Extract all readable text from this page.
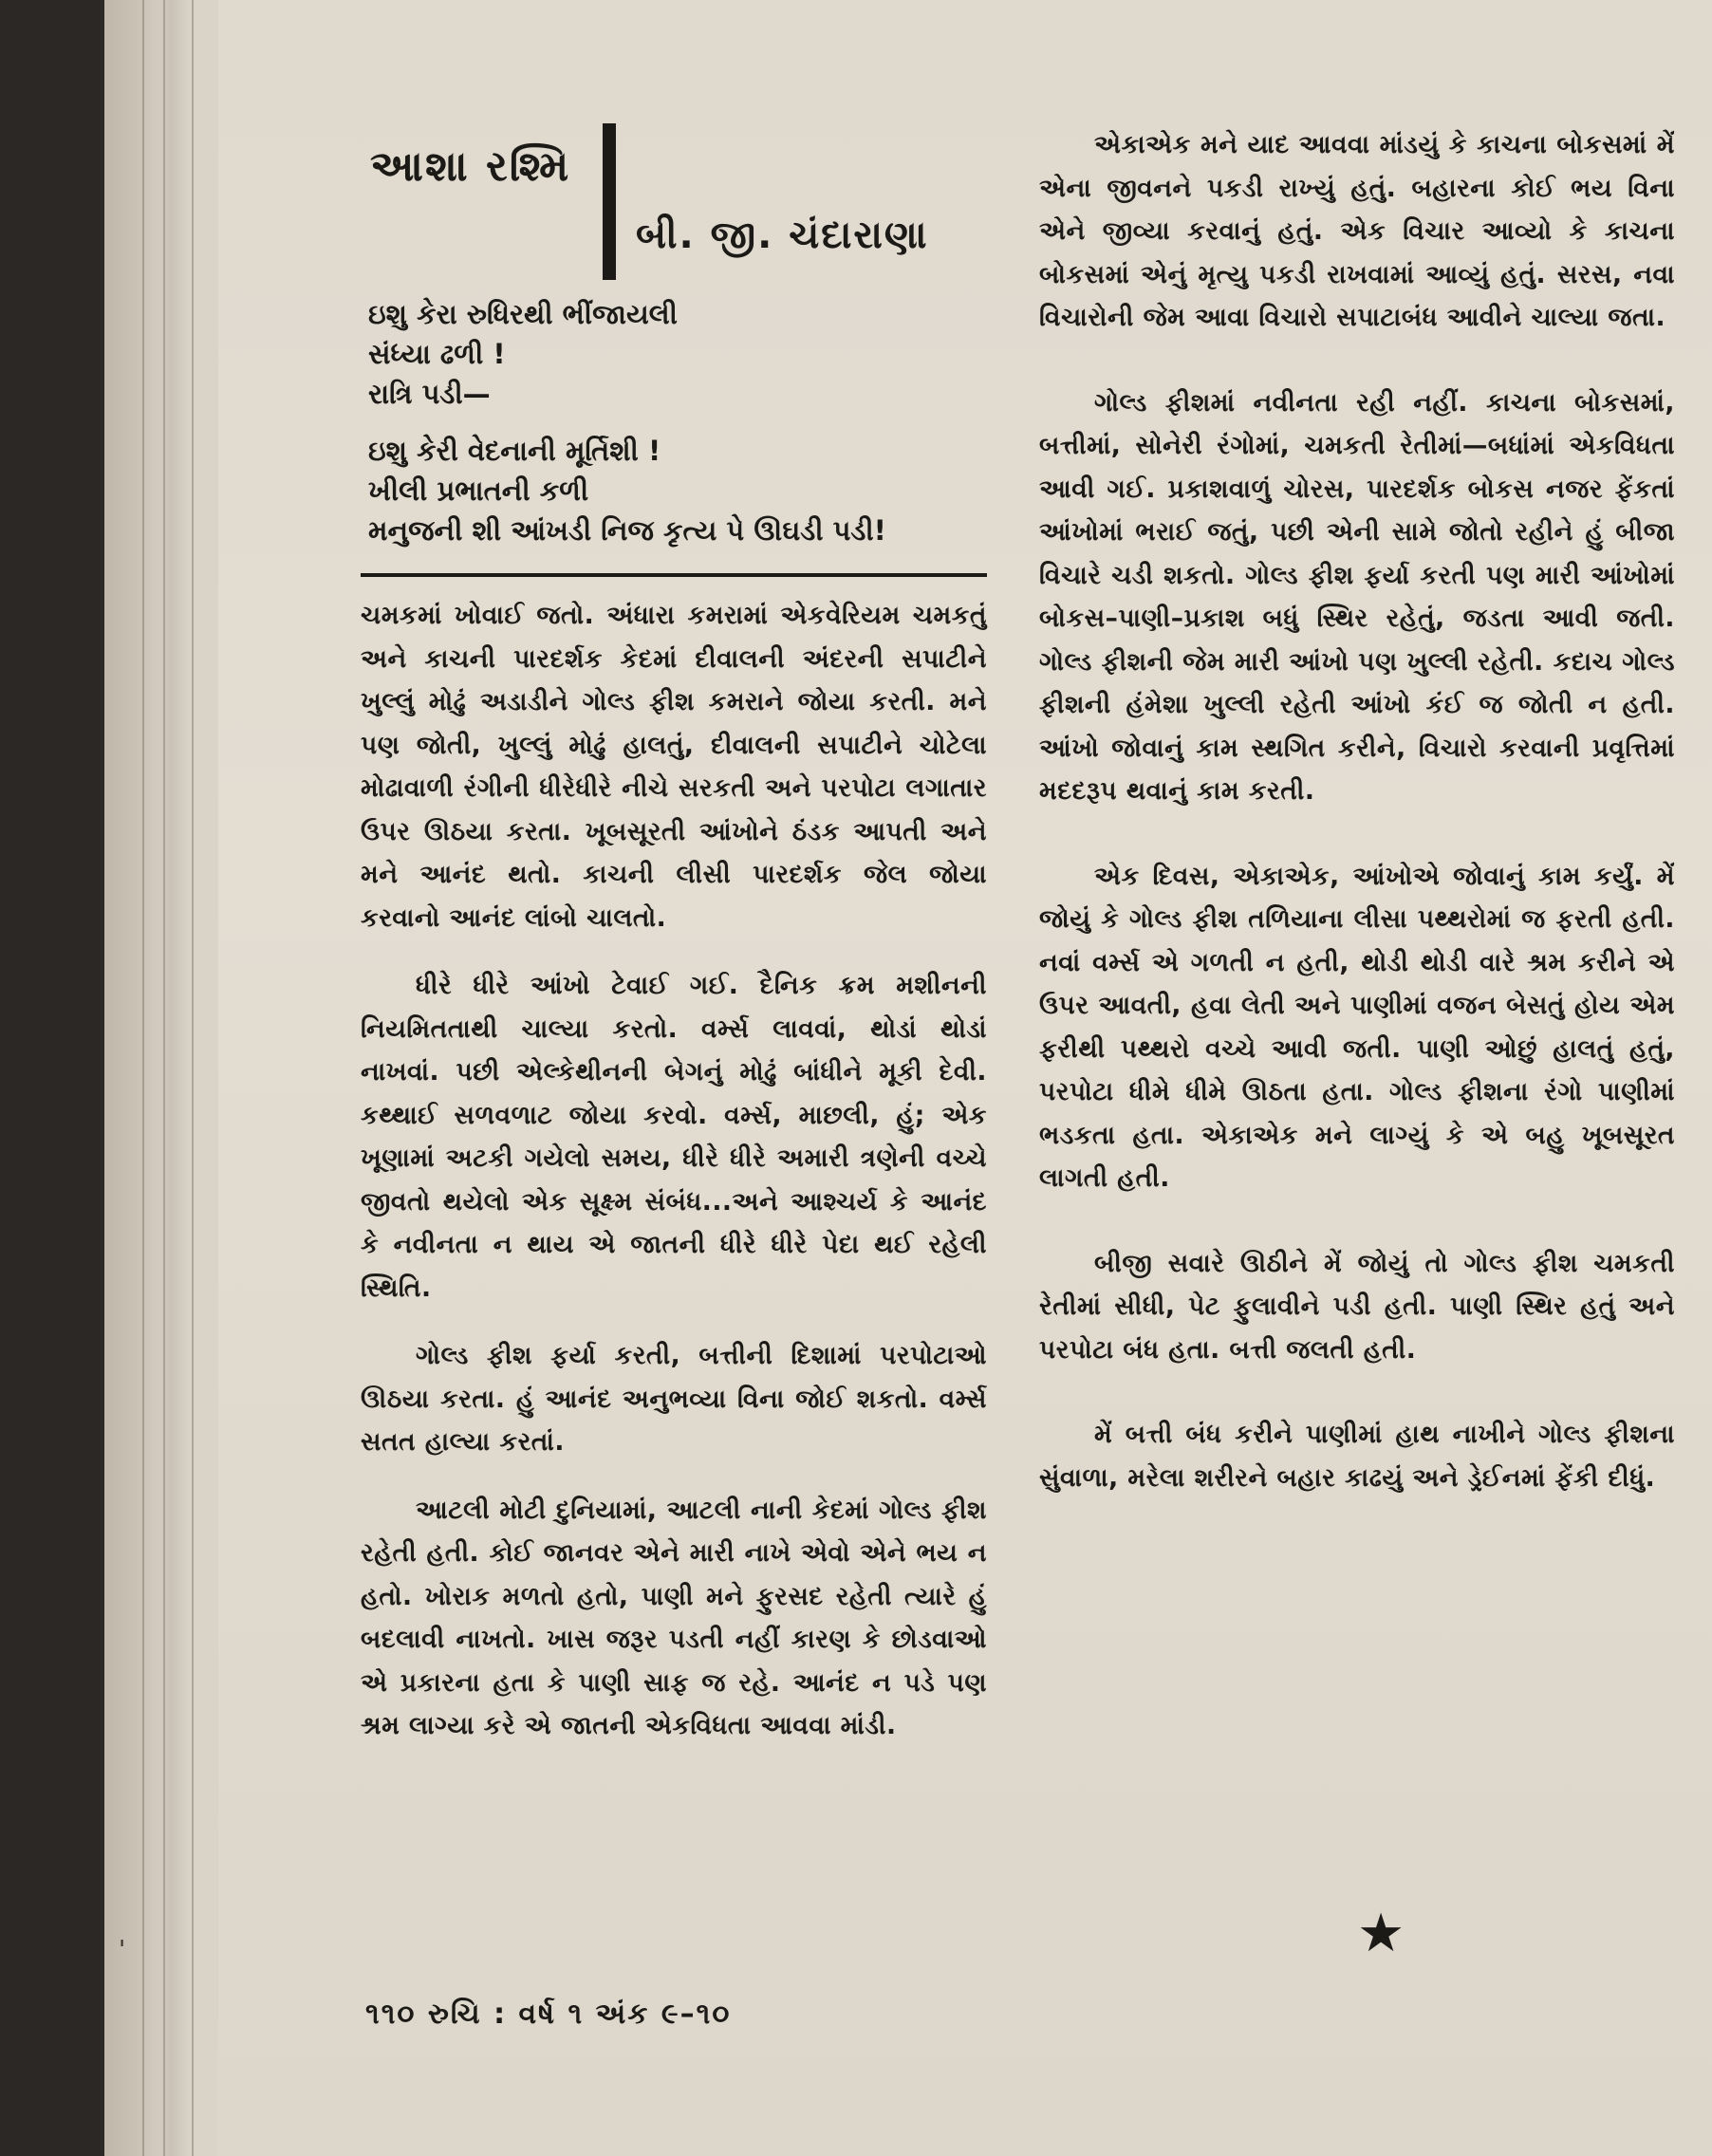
આશા રશ્મિ
બી. જી. ચંદારાણા
ઇશુ કેરા રુધિરથી ભીંજાયલી
સંધ્યા ઢળી !
રાત્રિ પડી—
ઇશુ કેરી વેદનાની મૂર્તિશી !
ખીલી પ્રભાતની કળી
મનુજની શી આંખડી નિજ કૃત્ય પે ઊઘડી પડી!

ચમકમાં ખોવાઈ જતો. અંધારા કમરામાં એકવેરિયમ ચમકતું અને કાચની પારદર્શક કેદમાં દીવાલની અંદરની સપાટીને ખુલ્લું મોઢું અડાડીને ગોલ્ડ ફીશ કમરાને જોયા કરતી. મને પણ જોતી, ખુલ્લું મોઢું હાલતું, દીવાલની સપાટીને ચોટેલા મોઢાવાળી રંગીની ધીરેધીરે નીચે સરકતી અને પરપોટા લગાતાર ઉપર ઊઠયા કરતા. ખૂબસૂરતી આંખોને ઠંડક આપતી અને મને આનંદ થતો. કાચની લીસી પારદર્શક જેલ જોયા કરવાનો આનંદ લાંબો ચાલતો.

ધીરે ધીરે આંખો ટેવાઈ ગઈ. દૈનિક ક્રમ મશીનની નિયમિતતાથી ચાલ્યા કરતો. વર્મ્સ લાવવાં, થોડાં થોડાં નાખવાં. પછી એલ્કેથીનની બેગનું મોઢું બાંધીને મૂકી દેવી. કથ્થાઈ સળવળાટ જોયા કરવો. વર્મ્સ, માછલી, હું; એક ખૂણામાં અટકી ગયેલો સમય, ધીરે ધીરે અમારી ત્રણેની વચ્ચે જીવતો થયેલો એક સૂક્ષ્મ સંબંધ...અને આશ્ચર્ય કે આનંદ કે નવીનતા ન થાય એ જાતની ધીરે ધીરે પેદા થઈ રહેલી સ્થિતિ.

ગોલ્ડ ફીશ ફર્યા કરતી, બત્તીની દિશામાં પરપોટાઓ ઊઠયા કરતા. હું આનંદ અનુભવ્યા વિના જોઈ શકતો. વર્મ્સ સતત હાલ્યા કરતાં.

આટલી મોટી દુનિયામાં, આટલી નાની કેદમાં ગોલ્ડ ફીશ રહેતી હતી. કોઈ જાનવર એને મારી નાખે એવો એને ભય ન હતો. ખોરાક મળતો હતો, પાણી મને ફુરસદ રહેતી ત્યારે હું બદલાવી નાખતો. ખાસ જરૂર પડતી નહીં કારણ કે છોડવાઓ એ પ્રકારના હતા કે પાણી સાફ જ રહે. આનંદ ન પડે પણ શ્રમ લાગ્યા કરે એ જાતની એકવિધતા આવવા માંડી.

એકાએક મને યાદ આવવા માંડયું કે કાચના બોકસમાં મેં એના જીવનને પકડી રાખ્યું હતું. બહારના કોઈ ભય વિના એને જીવ્યા કરવાનું હતું. એક વિચાર આવ્યો કે કાચના બોકસમાં એનું મૃત્યુ પકડી રાખવામાં આવ્યું હતું. સરસ, નવા વિચારોની જેમ આવા વિચારો સપાટાબંધ આવીને ચાલ્યા જતા.

ગોલ્ડ ફીશમાં નવીનતા રહી નહીં. કાચના બોકસમાં, બત્તીમાં, સોનેરી રંગોમાં, ચમકતી રેતીમાં—બધાંમાં એકવિધતા આવી ગઈ. પ્રકાશવાળું ચોરસ, પારદર્શક બોકસ નજર ફેંકતાં આંખોમાં ભરાઈ જતું, પછી એની સામે જોતો રહીને હું બીજા વિચારે ચડી શકતો. ગોલ્ડ ફીશ ફર્યા કરતી પણ મારી આંખોમાં બોકસ–પાણી–પ્રકાશ બધું સ્થિર રહેતું, જડતા આવી જતી. ગોલ્ડ ફીશની જેમ મારી આંખો પણ ખુલ્લી રહેતી. કદાચ ગોલ્ડ ફીશની હંમેશા ખુલ્લી રહેતી આંખો કંઈ જ જોતી ન હતી. આંખો જોવાનું કામ સ્થગિત કરીને, વિચારો કરવાની પ્રવૃત્તિમાં મદદરૂપ થવાનું કામ કરતી.

એક દિવસ, એકાએક, આંખોએ જોવાનું કામ કર્યું. મેં જોયું કે ગોલ્ડ ફીશ તળિયાના લીસા પથ્થરોમાં જ ફરતી હતી. નવાં વર્મ્સ એ ગળતી ન હતી, થોડી થોડી વારે શ્રમ કરીને એ ઉપર આવતી, હવા લેતી અને પાણીમાં વજન બેસતું હોય એમ ફરીથી પથ્થરો વચ્ચે આવી જતી. પાણી ઓછું હાલતું હતું, પરપોટા ધીમે ધીમે ઊઠતા હતા. ગોલ્ડ ફીશના રંગો પાણીમાં ભડકતા હતા. એકાએક મને લાગ્યું કે એ બહુ ખૂબસૂરત લાગતી હતી.

બીજી સવારે ઊઠીને મેં જોયું તો ગોલ્ડ ફીશ ચમકતી રેતીમાં સીધી, પેટ ફુલાવીને પડી હતી. પાણી સ્થિર હતું અને પરપોટા બંધ હતા. બત્તી જલતી હતી.

મેં બત્તી બંધ કરીને પાણીમાં હાથ નાખીને ગોલ્ડ ફીશના સુંવાળા, મરેલા શરીરને બહાર કાઢયું અને ડ્રેઈનમાં ફેંકી દીધું.

★
'
૧૧૦ રુચિ : વર્ષ ૧ અંક ૯–૧૦
